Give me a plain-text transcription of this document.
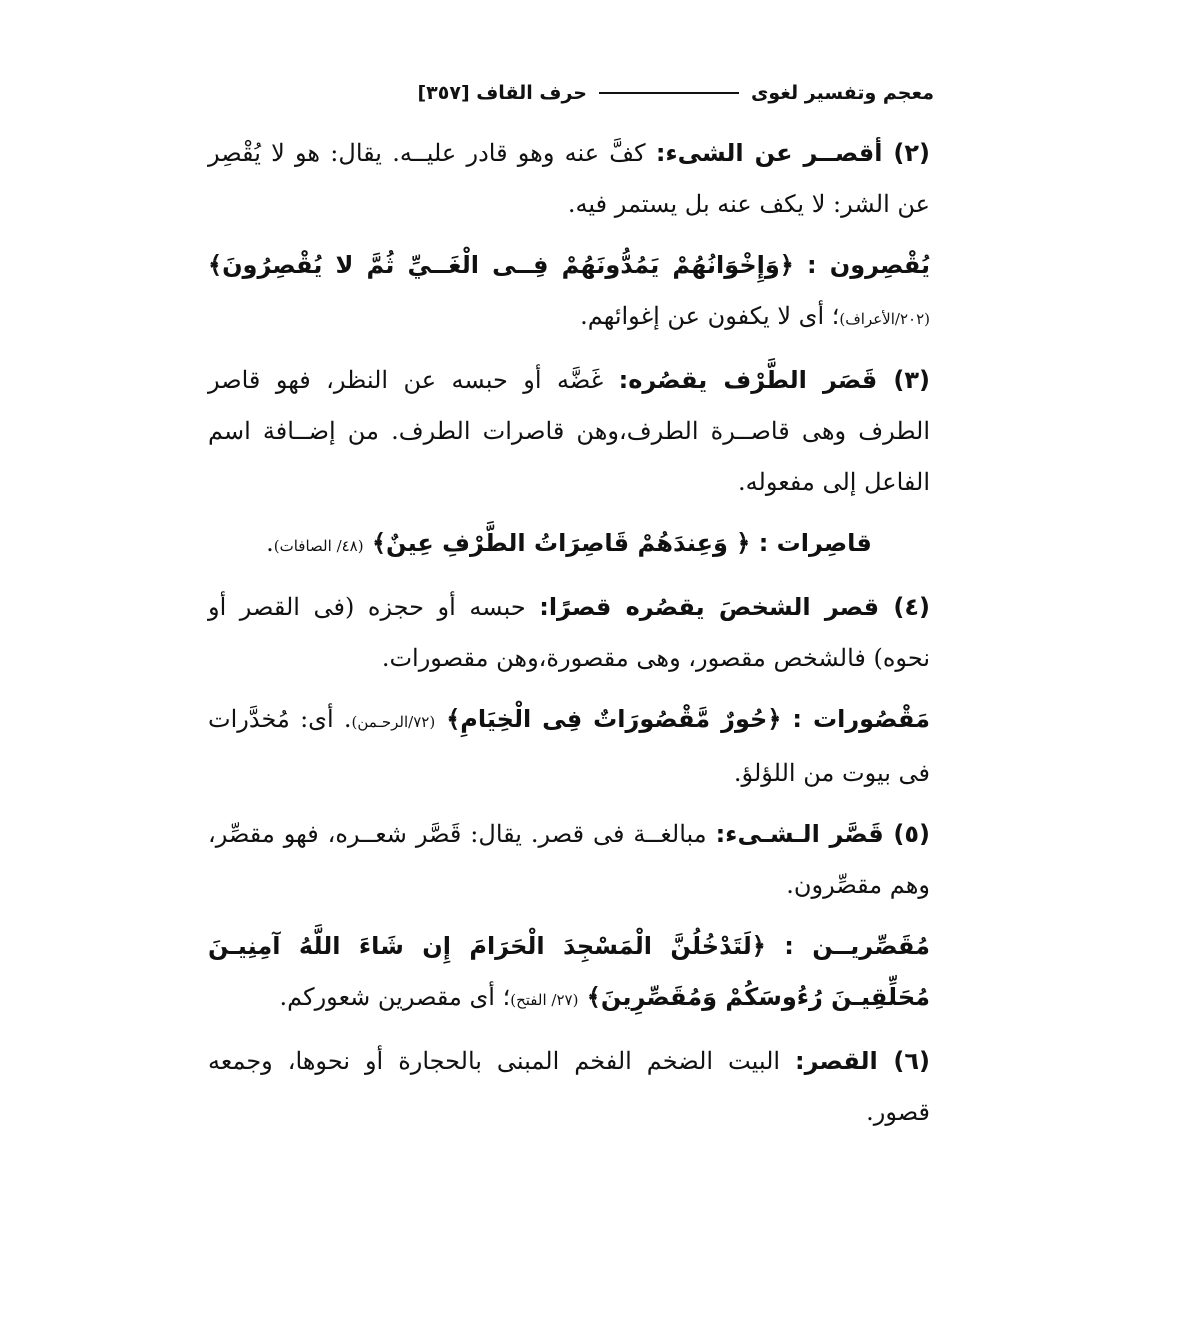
معجم وتفسير لغوى
حرف القاف [٣٥٧]

(٢) أقصــر عن الشىء: كفَّ عنه وهو قادر عليــه. يقال: هو لا يُقْصِر عن الشر: لا يكف عنه بل يستمر فيه.

يُقْصِرون : ﴿وَإِخْوَانُهُمْ يَمُدُّونَهُمْ فِــى الْغَــيِّ ثُمَّ لا يُقْصِرُونَ﴾ (٢٠٢/الأعراف)؛ أى لا يكفون عن إغوائهم.

(٣) قَصَر الطَّرْف يقصُره: غَضَّه أو حبسه عن النظر، فهو قاصر الطرف وهى قاصــرة الطرف،وهن قاصرات الطرف. من إضــافة اسم الفاعل إلى مفعوله.

قاصِرات : ﴿ وَعِندَهُمْ قَاصِرَاتُ الطَّرْفِ عِينٌ﴾ (٤٨/ الصافات).

(٤) قصر الشخصَ يقصُره قصرًا: حبسه أو حجزه (فى القصر أو نحوه) فالشخص مقصور، وهى مقصورة،وهن مقصورات.

مَقْصُورات : ﴿حُورٌ مَّقْصُورَاتٌ فِى الْخِيَامِ﴾ (٧٢/الرحـمن). أى: مُخدَّرات فى بيوت من اللؤلؤ.

(٥) قَصَّر الـشـىء: مبالغــة فى قصر. يقال: قَصَّر شعــره، فهو مقصِّر، وهم مقصِّرون.

مُقَصِّريــن : ﴿لَتَدْخُلُنَّ الْمَسْجِدَ الْحَرَامَ إِن شَاءَ اللَّهُ آمِنِيـنَ مُحَلِّقِيـنَ رُءُوسَكُمْ وَمُقَصِّرِينَ﴾ (٢٧/ الفتح)؛ أى مقصرين شعوركم.

(٦) القصر: البيت الضخم الفخم المبنى بالحجارة أو نحوها، وجمعه قصور.
